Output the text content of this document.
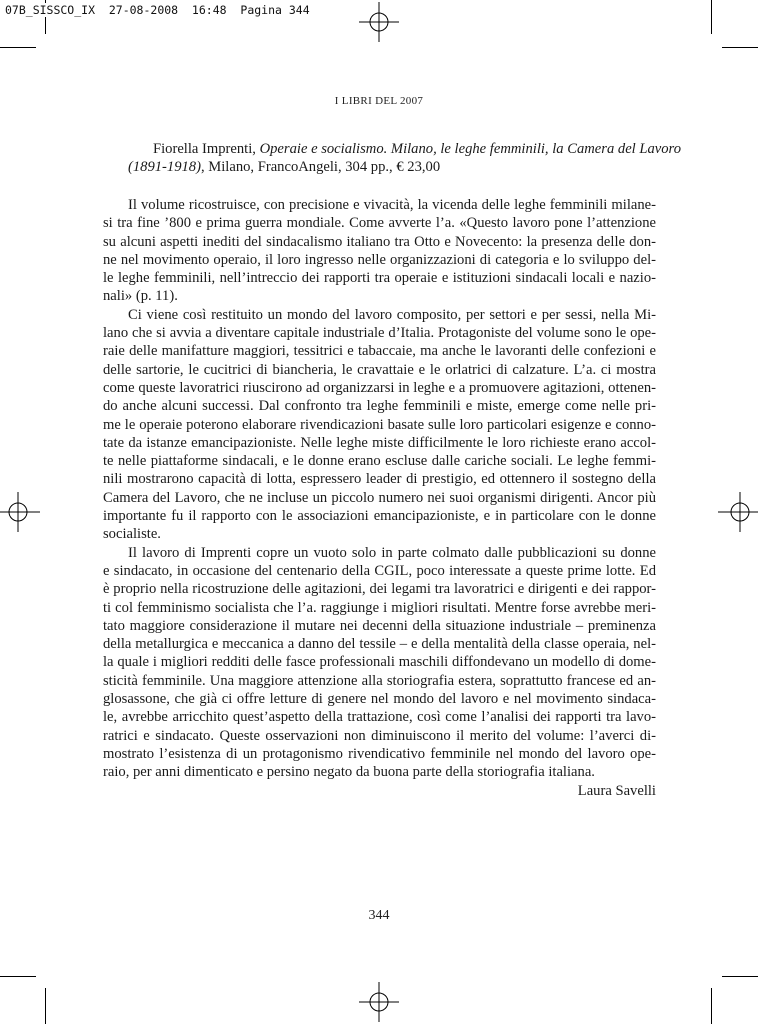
07B_SISSCO_IX  27-08-2008  16:48  Pagina 344
I LIBRI DEL 2007
Fiorella Imprenti, Operaie e socialismo. Milano, le leghe femminili, la Camera del Lavoro
(1891-1918), Milano, FrancoAngeli, 304 pp., € 23,00

Il volume ricostruisce, con precisione e vivacità, la vicenda delle leghe femminili milane-
si tra fine ’800 e prima guerra mondiale. Come avverte l’a. «Questo lavoro pone l’attenzione
su alcuni aspetti inediti del sindacalismo italiano tra Otto e Novecento: la presenza delle don-
ne nel movimento operaio, il loro ingresso nelle organizzazioni di categoria e lo sviluppo del-
le leghe femminili, nell’intreccio dei rapporti tra operaie e istituzioni sindacali locali e nazio-
nali» (p. 11).

Ci viene così restituito un mondo del lavoro composito, per settori e per sessi, nella Mi-
lano che si avvia a diventare capitale industriale d’Italia. Protagoniste del volume sono le ope-
raie delle manifatture maggiori, tessitrici e tabaccaie, ma anche le lavoranti delle confezioni e
delle sartorie, le cucitrici di biancheria, le cravattaie e le orlatrici di calzature. L’a. ci mostra
come queste lavoratrici riuscirono ad organizzarsi in leghe e a promuovere agitazioni, ottenen-
do anche alcuni successi. Dal confronto tra leghe femminili e miste, emerge come nelle pri-
me le operaie poterono elaborare rivendicazioni basate sulle loro particolari esigenze e conno-
tate da istanze emancipazioniste. Nelle leghe miste difficilmente le loro richieste erano accol-
te nelle piattaforme sindacali, e le donne erano escluse dalle cariche sociali. Le leghe femmi-
nili mostrarono capacità di lotta, espressero leader di prestigio, ed ottennero il sostegno della
Camera del Lavoro, che ne incluse un piccolo numero nei suoi organismi dirigenti. Ancor più
importante fu il rapporto con le associazioni emancipazioniste, e in particolare con le donne
socialiste.

Il lavoro di Imprenti copre un vuoto solo in parte colmato dalle pubblicazioni su donne
e sindacato, in occasione del centenario della CGIL, poco interessate a queste prime lotte. Ed
è proprio nella ricostruzione delle agitazioni, dei legami tra lavoratrici e dirigenti e dei rappor-
ti col femminismo socialista che l’a. raggiunge i migliori risultati. Mentre forse avrebbe meri-
tato maggiore considerazione il mutare nei decenni della situazione industriale – preminenza
della metallurgica e meccanica a danno del tessile – e della mentalità della classe operaia, nel-
la quale i migliori redditi delle fasce professionali maschili diffondevano un modello di dome-
sticità femminile. Una maggiore attenzione alla storiografia estera, soprattutto francese ed an-
glosassone, che già ci offre letture di genere nel mondo del lavoro e nel movimento sindaca-
le, avrebbe arricchito quest’aspetto della trattazione, così come l’analisi dei rapporti tra lavo-
ratrici e sindacato. Queste osservazioni non diminuiscono il merito del volume: l’averci di-
mostrato l’esistenza di un protagonismo rivendicativo femminile nel mondo del lavoro ope-
raio, per anni dimenticato e persino negato da buona parte della storiografia italiana.

Laura Savelli

344
